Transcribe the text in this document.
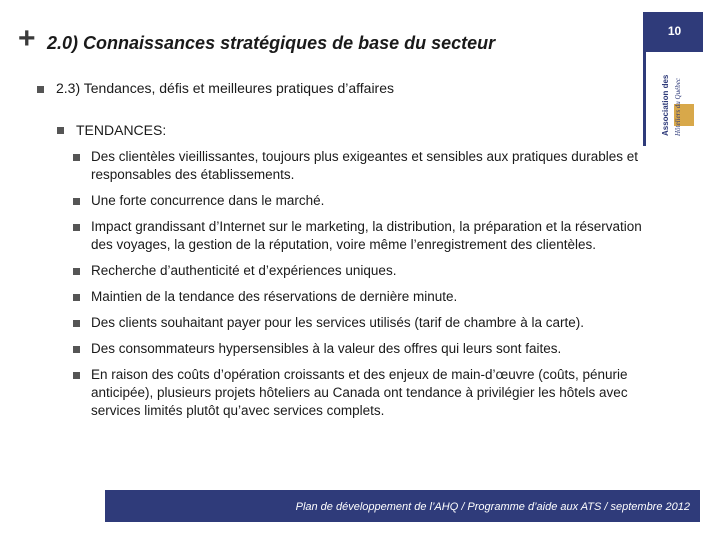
+ 2.0) Connaissances stratégiques de base du secteur
10
Association des Hôteliers du Québec
2.3) Tendances, défis et meilleures pratiques d’affaires
TENDANCES:
Des clientèles vieillissantes, toujours plus exigeantes et sensibles aux pratiques durables et responsables des établissements.
Une forte concurrence dans le marché.
Impact grandissant d’Internet sur le marketing, la distribution, la préparation et la réservation des voyages, la gestion de la réputation, voire même l’enregistrement des clientèles.
Recherche d’authenticité et d’expériences uniques.
Maintien de la tendance des réservations de dernière minute.
Des clients souhaitant payer pour les services utilisés (tarif de chambre à la carte).
Des consommateurs hypersensibles à la valeur des offres qui leurs sont faites.
En raison des coûts d’opération croissants et des enjeux de main-d’œuvre (coûts, pénurie anticipée), plusieurs projets hôteliers au Canada ont tendance à privilégier les hôtels avec services limités plutôt qu’avec services complets.
Plan de développement de l’AHQ / Programme d’aide aux ATS / septembre 2012
